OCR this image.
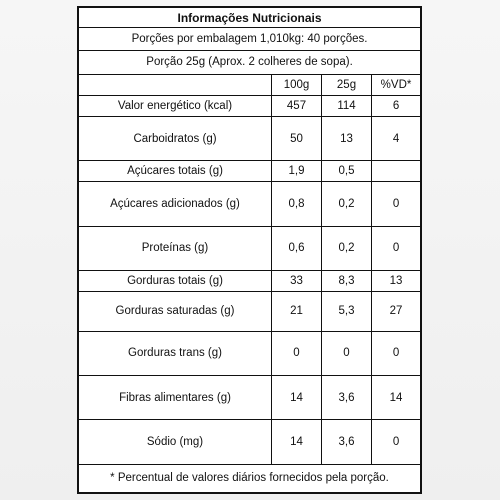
Informações Nutricionais			
Porções por embalagem 1,010kg: 40 porções.			
Porção 25g (Aprox. 2 colheres de sopa).			
	100g	25g	%VD*
Valor energético (kcal)	457	114	6
Carboidratos (g)	50	13	4
Açúcares totais (g)	1,9	0,5	
Açúcares adicionados (g)	0,8	0,2	0
Proteínas (g)	0,6	0,2	0
Gorduras totais (g)	33	8,3	13
Gorduras saturadas (g)	21	5,3	27
Gorduras trans (g)	0	0	0
Fibras alimentares (g)	14	3,6	14
Sódio (mg)	14	3,6	0
* Percentual de valores diários fornecidos pela porção.			
